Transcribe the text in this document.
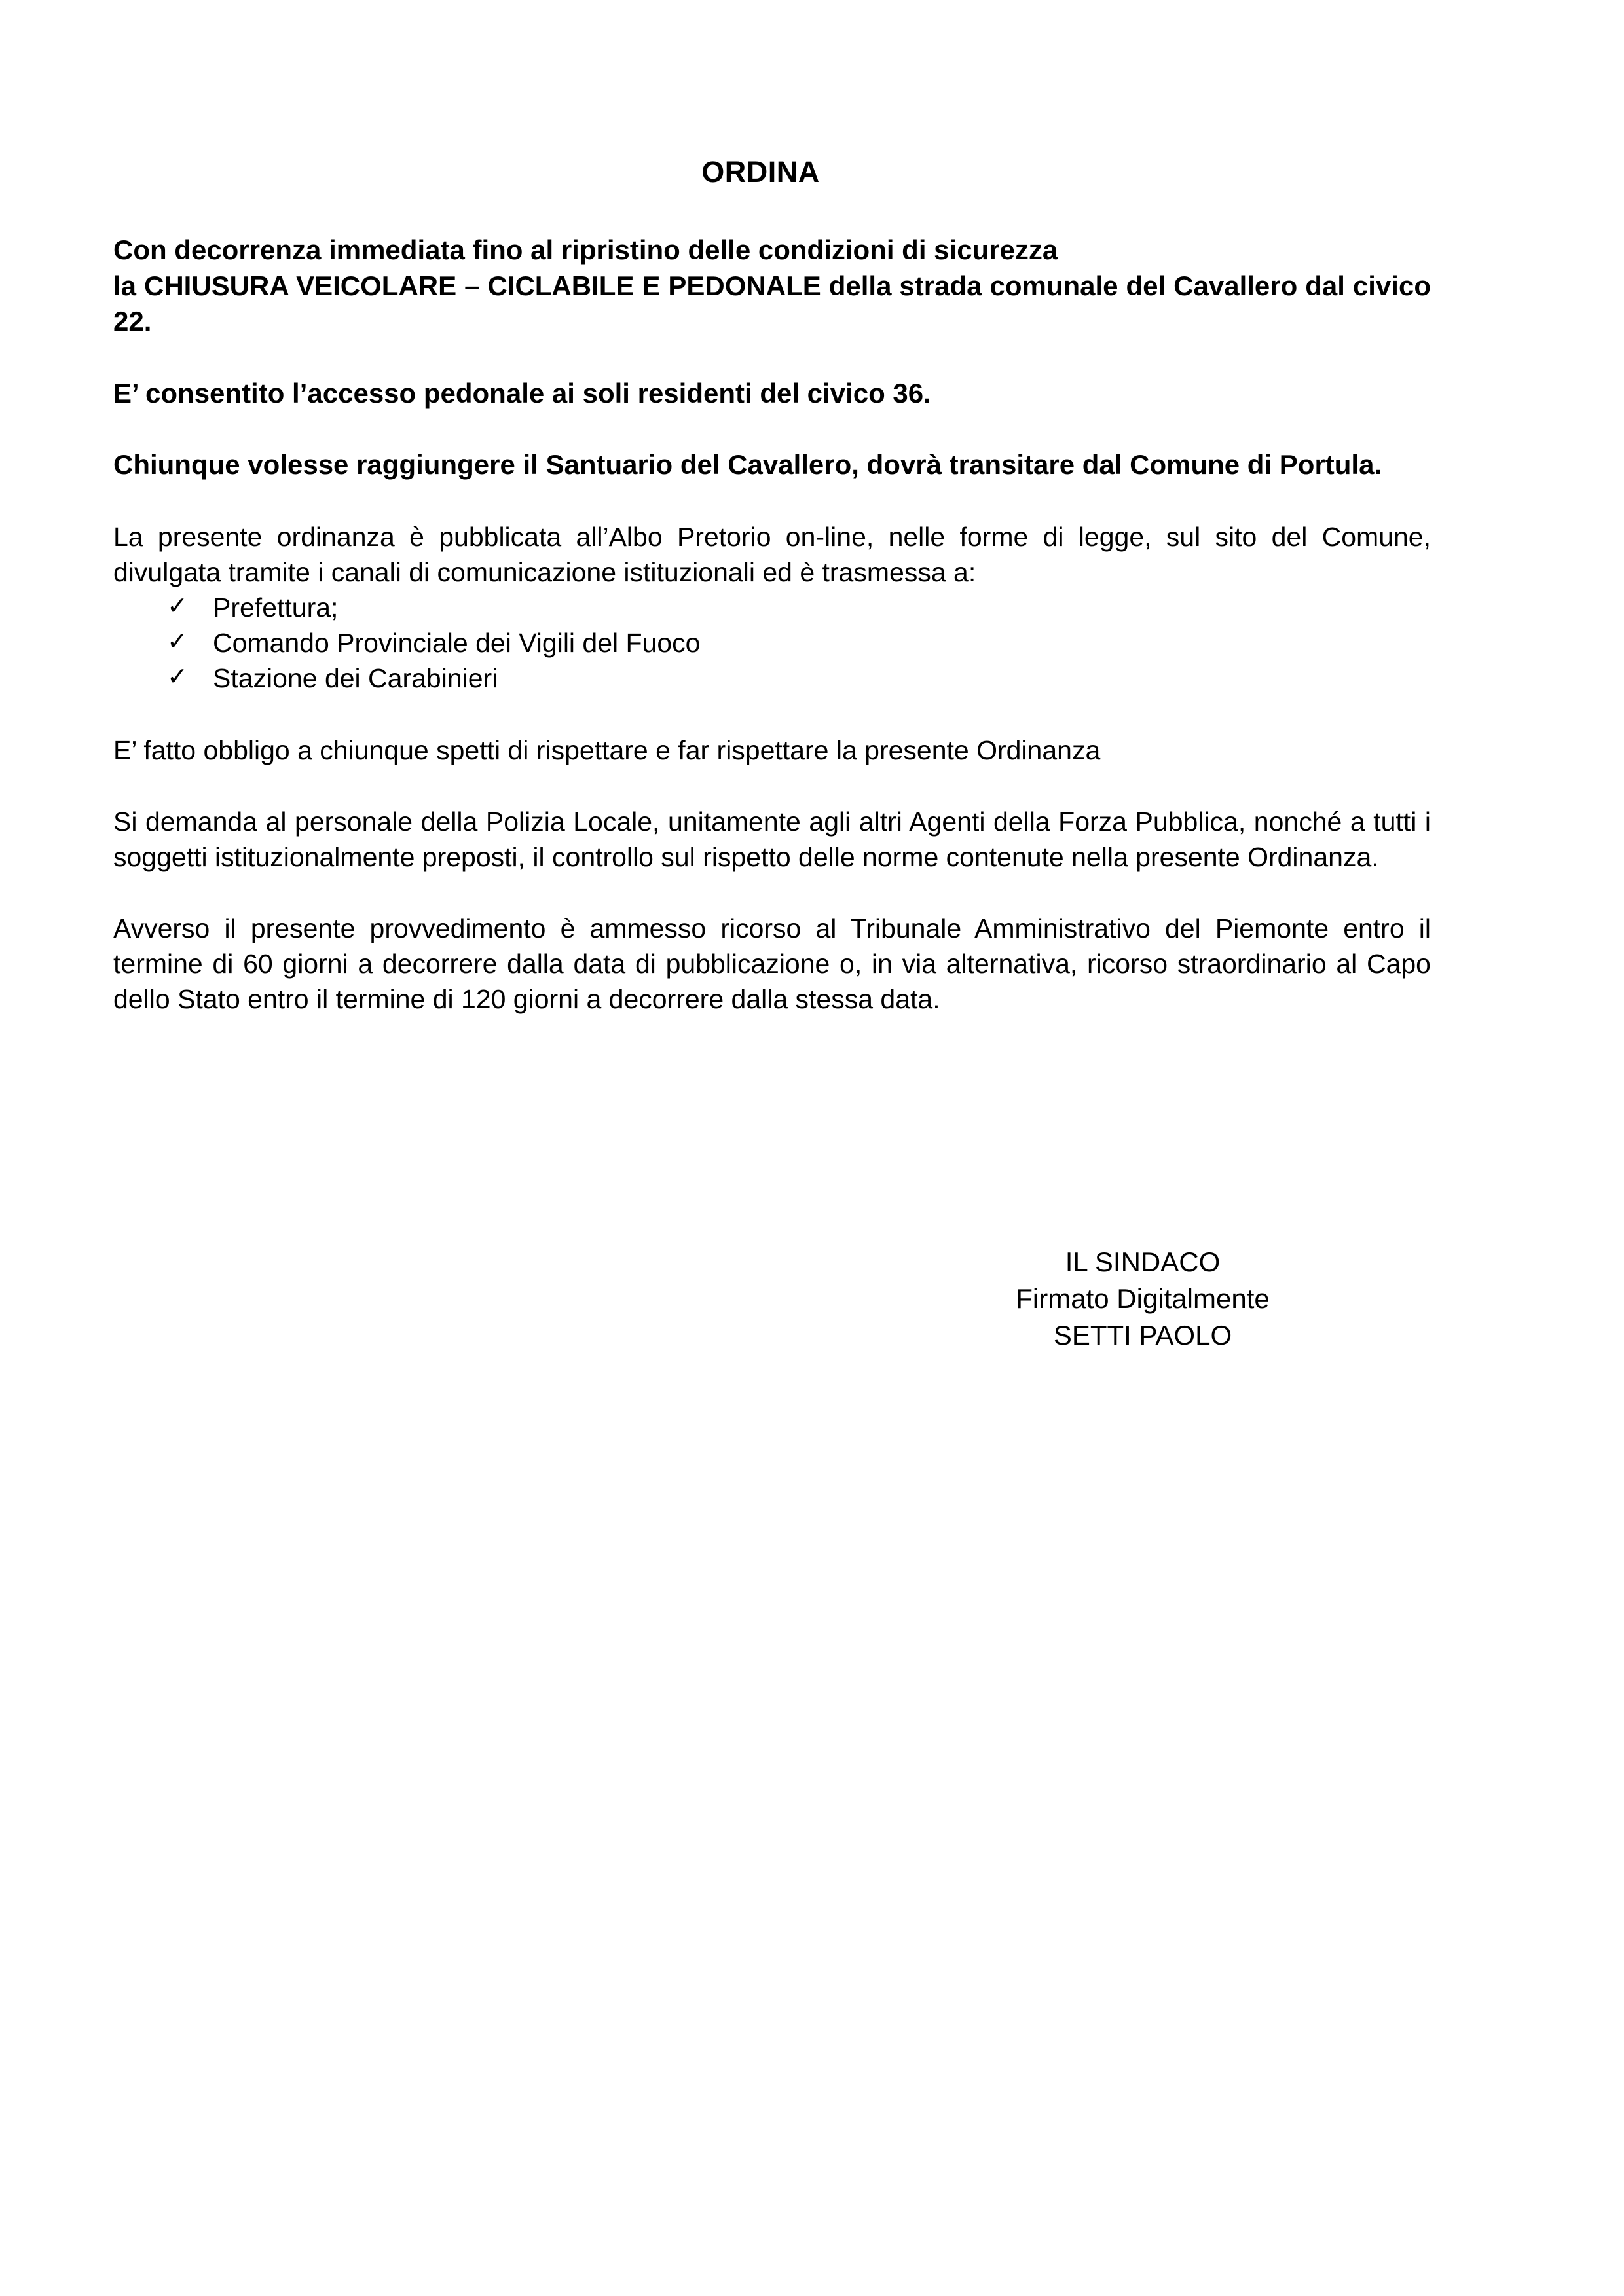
ORDINA

Con decorrenza immediata fino al ripristino delle condizioni di sicurezza

la CHIUSURA VEICOLARE – CICLABILE E PEDONALE della strada comunale del Cavallero dal civico 22.

E’ consentito l’accesso pedonale ai soli residenti del civico 36.

Chiunque volesse raggiungere il Santuario del Cavallero, dovrà transitare dal Comune di Portula.

La presente ordinanza è pubblicata all’Albo Pretorio on-line, nelle forme di legge, sul sito del Comune, divulgata tramite i canali di comunicazione istituzionali ed è trasmessa a:

✓ Prefettura;
✓ Comando Provinciale dei Vigili del Fuoco
✓ Stazione dei Carabinieri

E’ fatto obbligo a chiunque spetti di rispettare e far rispettare la presente Ordinanza

Si demanda al personale della Polizia Locale, unitamente agli altri Agenti della Forza Pubblica, nonché a tutti i soggetti istituzionalmente preposti, il controllo sul rispetto delle norme contenute nella presente Ordinanza.

Avverso il presente provvedimento è ammesso ricorso al Tribunale Amministrativo del Piemonte entro il termine di 60 giorni a decorrere dalla data di pubblicazione o, in via alternativa, ricorso straordinario al Capo dello Stato entro il termine di 120 giorni a decorrere dalla stessa data.

IL SINDACO
Firmato Digitalmente
SETTI PAOLO
